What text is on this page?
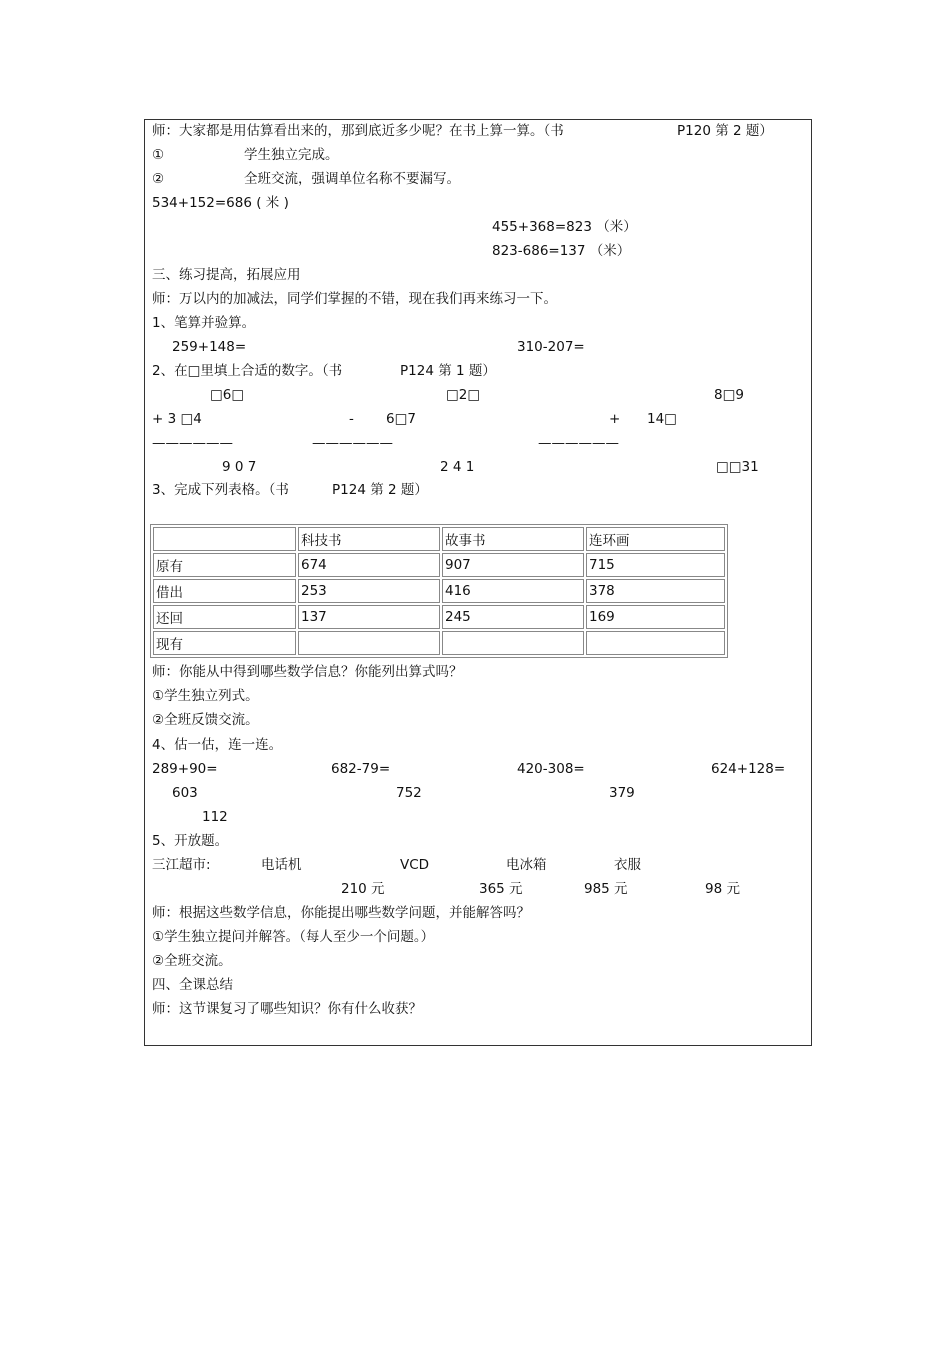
师：大家都是用估算看出来的，那到底近多少呢？在书上算一算。（书	P120 第 2 题）
①	学生独立完成。
②	全班交流，强调单位名称不要漏写。
534+152=686 ( 米 )
455+368=823 （米）
823-686=137 （米）
三、练习提高，拓展应用
师：万以内的加减法，同学们掌握的不错，现在我们再来练习一下。
1、笔算并验算。
259+148=	310-207=
2、在□里填上合适的数字。（书	P124 第 1 题）
□6□	□2□	8□9
+ 3 □4	- 6□7	+ 14□
——————	——————	——————
9 0 7	2 4 1	□□31
3、完成下列表格。（书	P124 第 2 题）
	科技书	故事书	连环画
原有	674	907	715
借出	253	416	378
还回	137	245	169
现有			
师：你能从中得到哪些数学信息？你能列出算式吗？
①学生独立列式。
②全班反馈交流。
4、估一估，连一连。
289+90=	682-79=	420-308=	624+128=
603	752	379
112
5、开放题。
三江超市:	电话机	VCD	电冰箱	衣服
210 元	365 元	985 元	98 元
师：根据这些数学信息，你能提出哪些数学问题，并能解答吗？
①学生独立提问并解答。（每人至少一个问题。）
②全班交流。
四、全课总结
师：这节课复习了哪些知识？你有什么收获？
